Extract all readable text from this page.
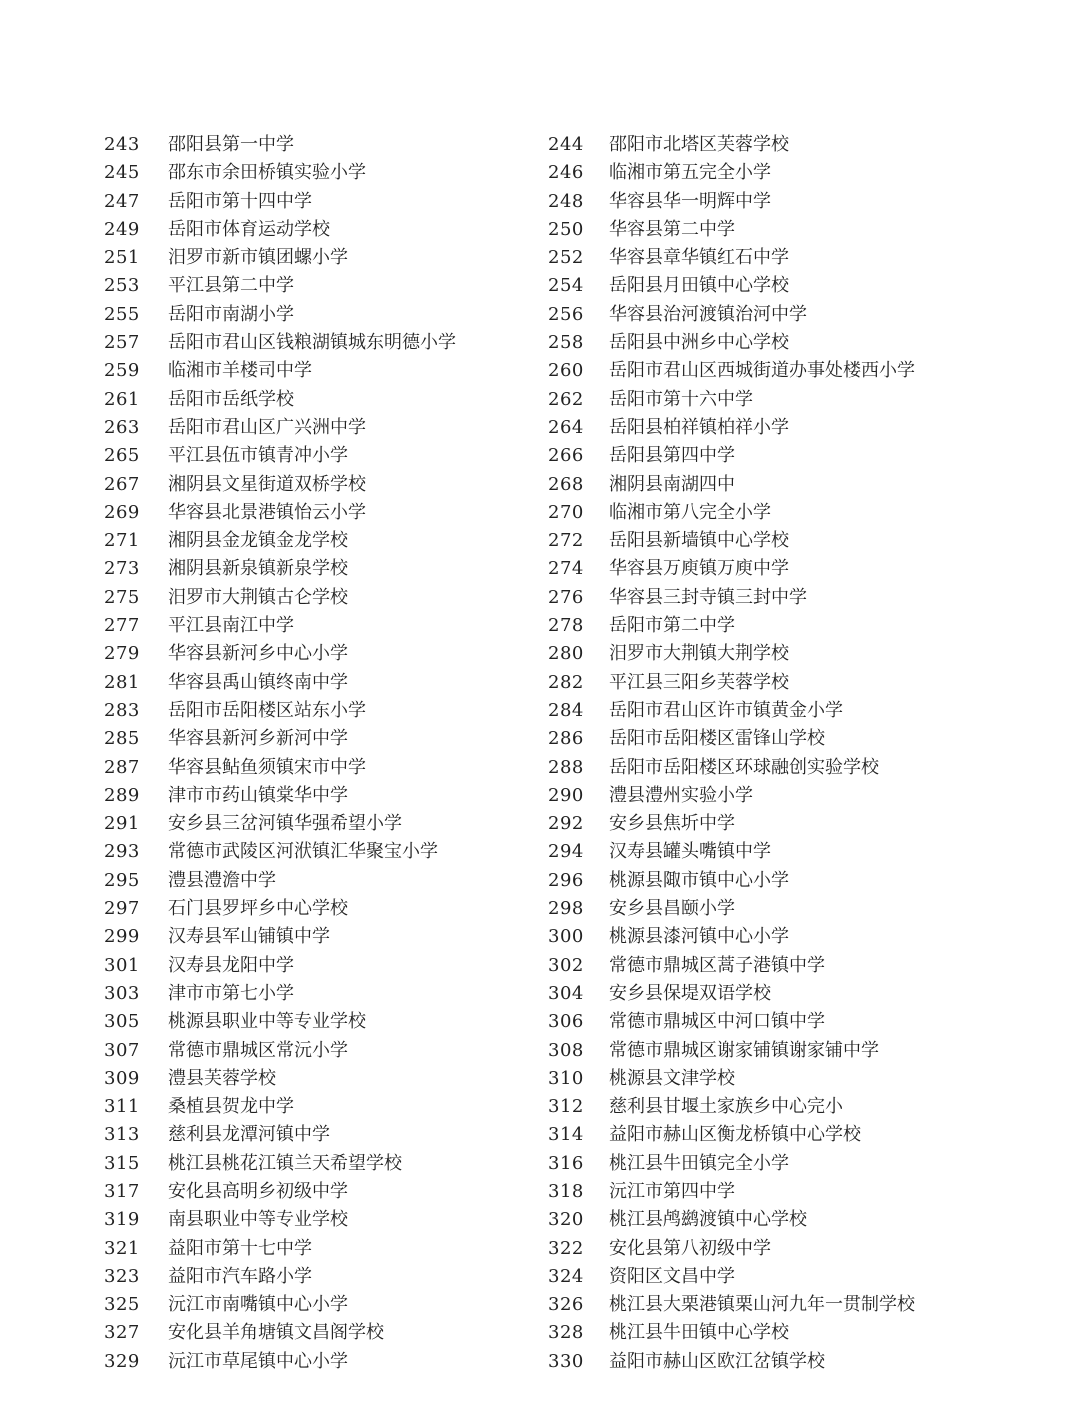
243 邵阳县第一中学	244 邵阳市北塔区芙蓉学校
245 邵东市余田桥镇实验小学	246 临湘市第五完全小学
247 岳阳市第十四中学	248 华容县华一明辉中学
249 岳阳市体育运动学校	250 华容县第二中学
251 汨罗市新市镇团螺小学	252 华容县章华镇红石中学
253 平江县第二中学	254 岳阳县月田镇中心学校
255 岳阳市南湖小学	256 华容县治河渡镇治河中学
257 岳阳市君山区钱粮湖镇城东明德小学	258 岳阳县中洲乡中心学校
259 临湘市羊楼司中学	260 岳阳市君山区西城街道办事处楼西小学
261 岳阳市岳纸学校	262 岳阳市第十六中学
263 岳阳市君山区广兴洲中学	264 岳阳县柏祥镇柏祥小学
265 平江县伍市镇青冲小学	266 岳阳县第四中学
267 湘阴县文星街道双桥学校	268 湘阴县南湖四中
269 华容县北景港镇怡云小学	270 临湘市第八完全小学
271 湘阴县金龙镇金龙学校	272 岳阳县新墙镇中心学校
273 湘阴县新泉镇新泉学校	274 华容县万庾镇万庾中学
275 汨罗市大荆镇古仑学校	276 华容县三封寺镇三封中学
277 平江县南江中学	278 岳阳市第二中学
279 华容县新河乡中心小学	280 汨罗市大荆镇大荆学校
281 华容县禹山镇终南中学	282 平江县三阳乡芙蓉学校
283 岳阳市岳阳楼区站东小学	284 岳阳市君山区许市镇黄金小学
285 华容县新河乡新河中学	286 岳阳市岳阳楼区雷锋山学校
287 华容县鲇鱼须镇宋市中学	288 岳阳市岳阳楼区环球融创实验学校
289 津市市药山镇棠华中学	290 澧县澧州实验小学
291 安乡县三岔河镇华强希望小学	292 安乡县焦圻中学
293 常德市武陵区河洑镇汇华聚宝小学	294 汉寿县罐头嘴镇中学
295 澧县澧澹中学	296 桃源县陬市镇中心小学
297 石门县罗坪乡中心学校	298 安乡县昌颐小学
299 汉寿县军山铺镇中学	300 桃源县漆河镇中心小学
301 汉寿县龙阳中学	302 常德市鼎城区蒿子港镇中学
303 津市市第七小学	304 安乡县保堤双语学校
305 桃源县职业中等专业学校	306 常德市鼎城区中河口镇中学
307 常德市鼎城区常沅小学	308 常德市鼎城区谢家铺镇谢家铺中学
309 澧县芙蓉学校	310 桃源县文津学校
311 桑植县贺龙中学	312 慈利县甘堰土家族乡中心完小
313 慈利县龙潭河镇中学	314 益阳市赫山区衡龙桥镇中心学校
315 桃江县桃花江镇兰天希望学校	316 桃江县牛田镇完全小学
317 安化县高明乡初级中学	318 沅江市第四中学
319 南县职业中等专业学校	320 桃江县鸬鹚渡镇中心学校
321 益阳市第十七中学	322 安化县第八初级中学
323 益阳市汽车路小学	324 资阳区文昌中学
325 沅江市南嘴镇中心小学	326 桃江县大栗港镇栗山河九年一贯制学校
327 安化县羊角塘镇文昌阁学校	328 桃江县牛田镇中心学校
329 沅江市草尾镇中心小学	330 益阳市赫山区欧江岔镇学校
